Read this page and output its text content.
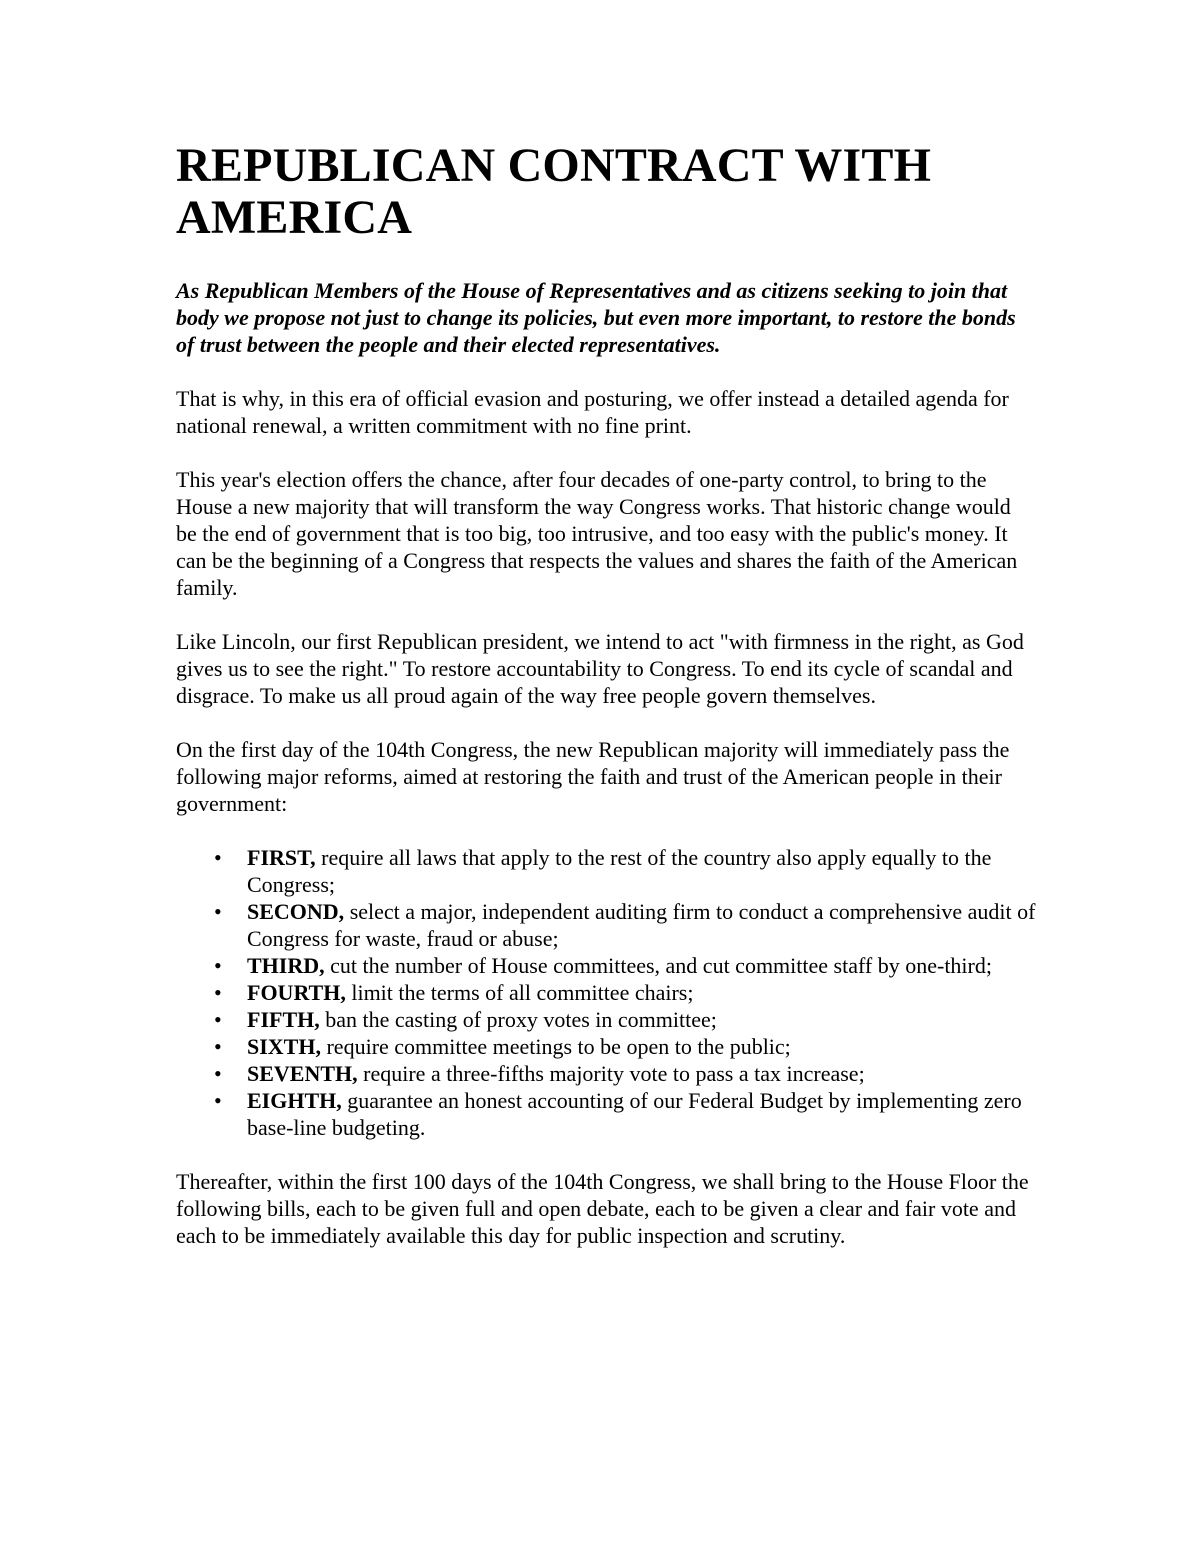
REPUBLICAN CONTRACT WITH AMERICA

As Republican Members of the House of Representatives and as citizens seeking to join that body we propose not just to change its policies, but even more important, to restore the bonds of trust between the people and their elected representatives.

That is why, in this era of official evasion and posturing, we offer instead a detailed agenda for national renewal, a written commitment with no fine print.

This year's election offers the chance, after four decades of one-party control, to bring to the House a new majority that will transform the way Congress works. That historic change would be the end of government that is too big, too intrusive, and too easy with the public's money. It can be the beginning of a Congress that respects the values and shares the faith of the American family.

Like Lincoln, our first Republican president, we intend to act "with firmness in the right, as God gives us to see the right." To restore accountability to Congress. To end its cycle of scandal and disgrace. To make us all proud again of the way free people govern themselves.

On the first day of the 104th Congress, the new Republican majority will immediately pass the following major reforms, aimed at restoring the faith and trust of the American people in their government:

• FIRST, require all laws that apply to the rest of the country also apply equally to the Congress;
• SECOND, select a major, independent auditing firm to conduct a comprehensive audit of Congress for waste, fraud or abuse;
• THIRD, cut the number of House committees, and cut committee staff by one-third;
• FOURTH, limit the terms of all committee chairs;
• FIFTH, ban the casting of proxy votes in committee;
• SIXTH, require committee meetings to be open to the public;
• SEVENTH, require a three-fifths majority vote to pass a tax increase;
• EIGHTH, guarantee an honest accounting of our Federal Budget by implementing zero base-line budgeting.

Thereafter, within the first 100 days of the 104th Congress, we shall bring to the House Floor the following bills, each to be given full and open debate, each to be given a clear and fair vote and each to be immediately available this day for public inspection and scrutiny.
